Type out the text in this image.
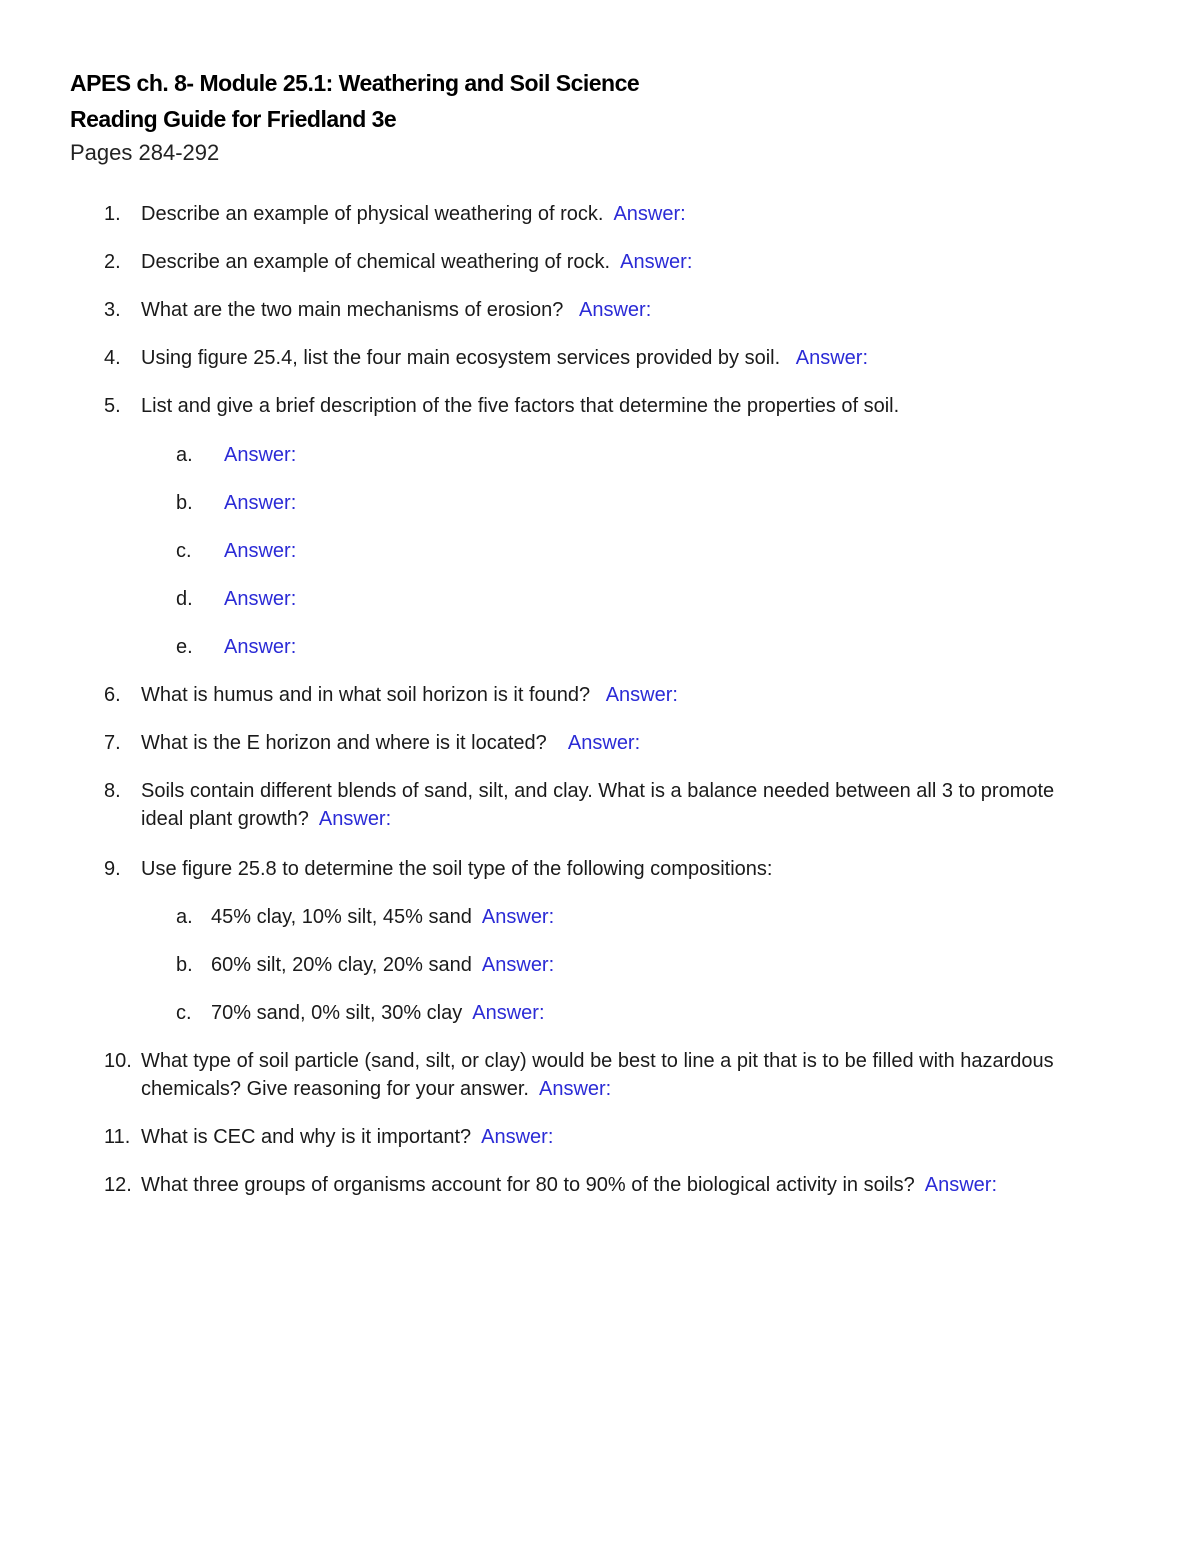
APES ch. 8- Module 25.1: Weathering and Soil Science
Reading Guide for Friedland 3e
Pages 284-292
1. Describe an example of physical weathering of rock. Answer:
2. Describe an example of chemical weathering of rock. Answer:
3. What are the two main mechanisms of erosion? Answer:
4. Using figure 25.4, list the four main ecosystem services provided by soil. Answer:
5. List and give a brief description of the five factors that determine the properties of soil.
a. Answer:
b. Answer:
c. Answer:
d. Answer:
e. Answer:
6. What is humus and in what soil horizon is it found? Answer:
7. What is the E horizon and where is it located? Answer:
8. Soils contain different blends of sand, silt, and clay. What is a balance needed between all 3 to promote
ideal plant growth? Answer:
9. Use figure 25.8 to determine the soil type of the following compositions:
a. 45% clay, 10% silt, 45% sand Answer:
b. 60% silt, 20% clay, 20% sand Answer:
c. 70% sand, 0% silt, 30% clay Answer:
10. What type of soil particle (sand, silt, or clay) would be best to line a pit that is to be filled with hazardous
chemicals? Give reasoning for your answer. Answer:
11. What is CEC and why is it important? Answer:
12. What three groups of organisms account for 80 to 90% of the biological activity in soils? Answer:
